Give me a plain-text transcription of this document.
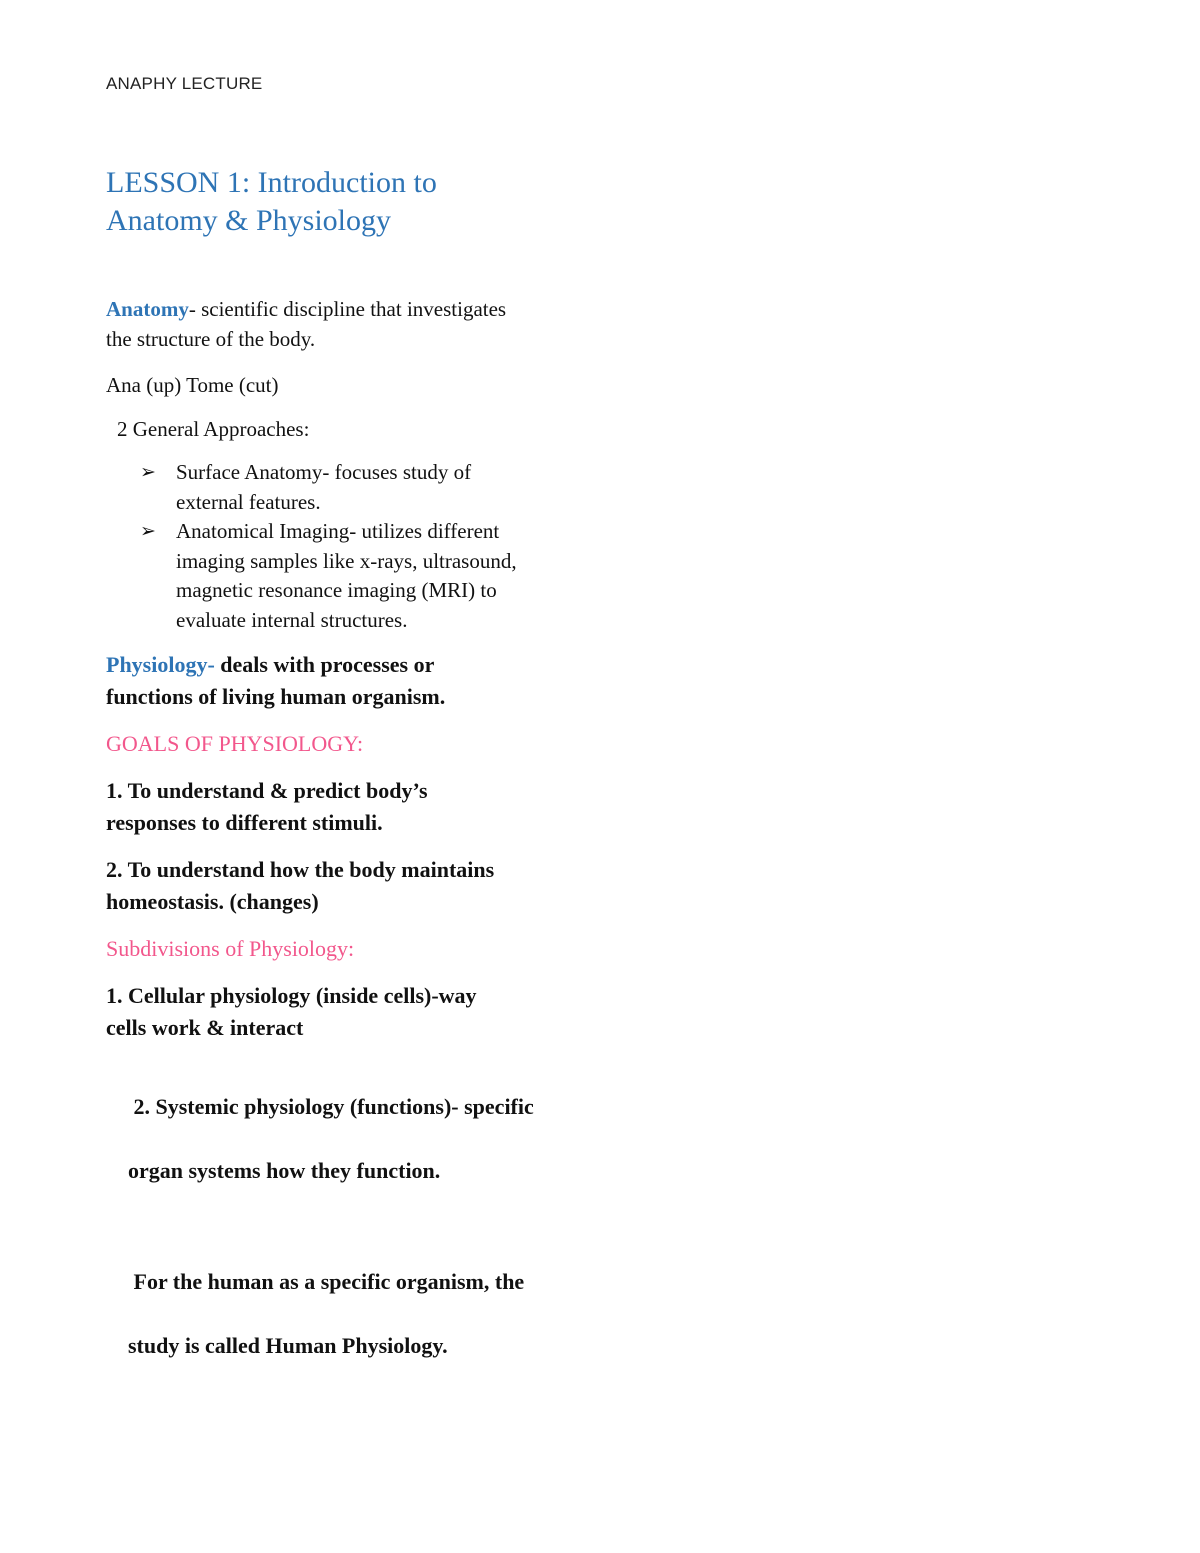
ANAPHY LECTURE
LESSON 1: Introduction to
Anatomy & Physiology

Anatomy- scientific discipline that investigates
the structure of the body.

Ana (up) Tome (cut)

2 General Approaches:

➢ Surface Anatomy- focuses study of
external features.
➢ Anatomical Imaging- utilizes different
imaging samples like x-rays, ultrasound,
magnetic resonance imaging (MRI) to
evaluate internal structures.

Physiology- deals with processes or
functions of living human organism.

GOALS OF PHYSIOLOGY:

1. To understand & predict body’s
responses to different stimuli.

2. To understand how the body maintains
homeostasis. (changes)

Subdivisions of Physiology:

1. Cellular physiology (inside cells)-way
cells work & interact

2. Systemic physiology (functions)- specific

organ systems how they function.

For the human as a specific organism, the

study is called Human Physiology.
